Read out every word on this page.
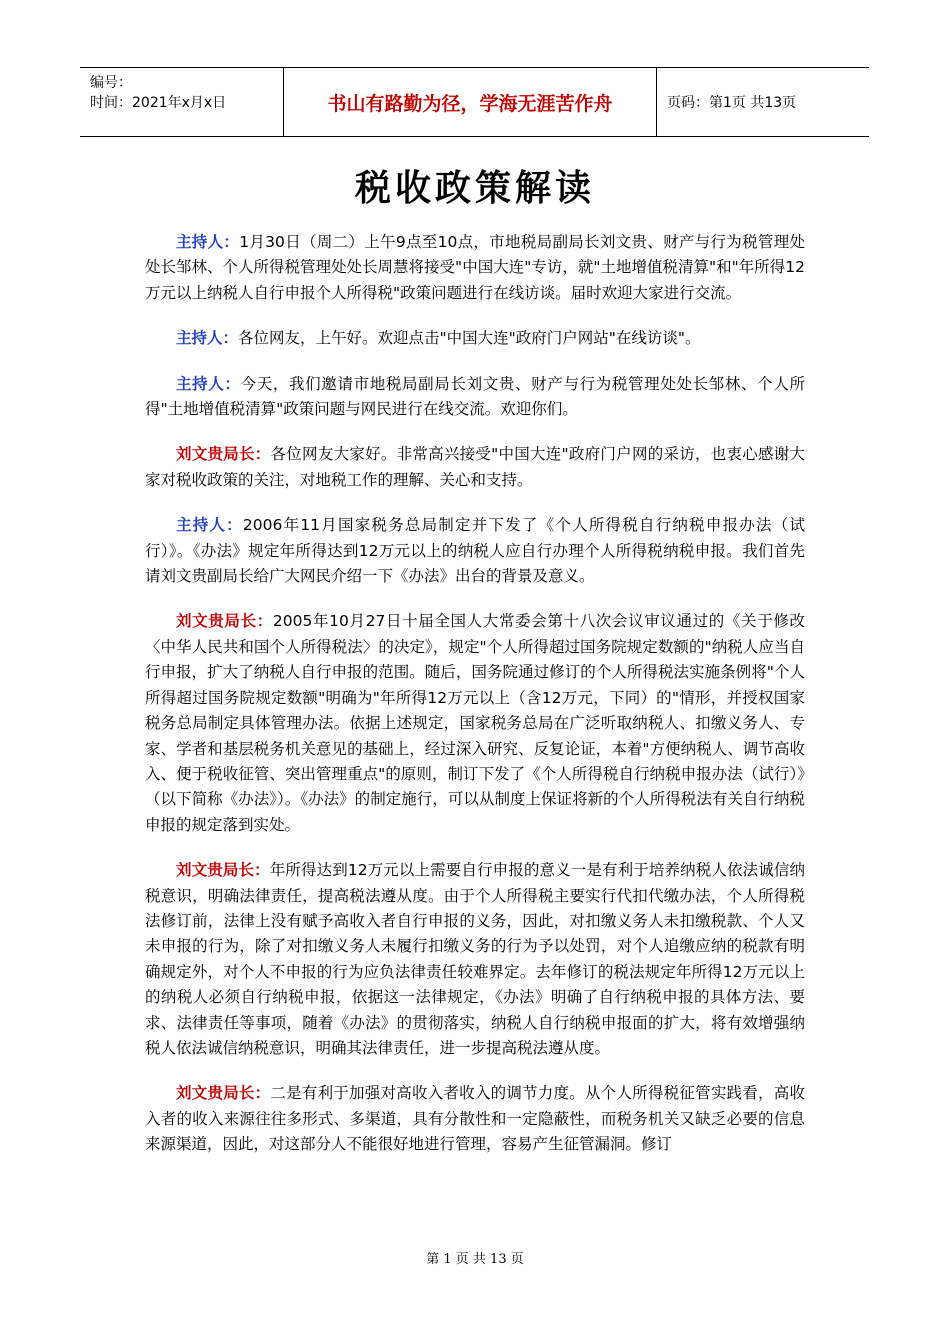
编号：
时间：2021年x月x日	书山有路勤为径，学海无涯苦作舟	页码：第1页 共13页
税收政策解读

主持人：1月30日（周二）上午9点至10点，市地税局副局长刘文贵、财产与行为税管理处处长邹林、个人所得税管理处处长周慧将接受"中国大连"专访，就"土地增值税清算"和"年所得12万元以上纳税人自行申报个人所得税"政策问题进行在线访谈。届时欢迎大家进行交流。

主持人：各位网友，上午好。欢迎点击"中国大连"政府门户网站"在线访谈"。

主持人：今天，我们邀请市地税局副局长刘文贵、财产与行为税管理处处长邹林、个人所得"土地增值税清算"政策问题与网民进行在线交流。欢迎你们。

刘文贵局长：各位网友大家好。非常高兴接受"中国大连"政府门户网的采访，也衷心感谢大家对税收政策的关注，对地税工作的理解、关心和支持。

主持人：2006年11月国家税务总局制定并下发了《个人所得税自行纳税申报办法（试行）》。《办法》规定年所得达到12万元以上的纳税人应自行办理个人所得税纳税申报。我们首先请刘文贵副局长给广大网民介绍一下《办法》出台的背景及意义。

刘文贵局长：2005年10月27日十届全国人大常委会第十八次会议审议通过的《关于修改〈中华人民共和国个人所得税法〉的决定》，规定"个人所得超过国务院规定数额的"纳税人应当自行申报，扩大了纳税人自行申报的范围。随后，国务院通过修订的个人所得税法实施条例将"个人所得超过国务院规定数额"明确为"年所得12万元以上（含12万元，下同）的"情形，并授权国家税务总局制定具体管理办法。依据上述规定，国家税务总局在广泛听取纳税人、扣缴义务人、专家、学者和基层税务机关意见的基础上，经过深入研究、反复论证，本着"方便纳税人、调节高收入、便于税收征管、突出管理重点"的原则，制订下发了《个人所得税自行纳税申报办法（试行）》（以下简称《办法》）。《办法》的制定施行，可以从制度上保证将新的个人所得税法有关自行纳税申报的规定落到实处。

刘文贵局长：年所得达到12万元以上需要自行申报的意义一是有利于培养纳税人依法诚信纳税意识，明确法律责任，提高税法遵从度。由于个人所得税主要实行代扣代缴办法，个人所得税法修订前，法律上没有赋予高收入者自行申报的义务，因此，对扣缴义务人未扣缴税款、个人又未申报的行为，除了对扣缴义务人未履行扣缴义务的行为予以处罚，对个人追缴应纳的税款有明确规定外，对个人不申报的行为应负法律责任较难界定。去年修订的税法规定年所得12万元以上的纳税人必须自行纳税申报，依据这一法律规定，《办法》明确了自行纳税申报的具体方法、要求、法律责任等事项，随着《办法》的贯彻落实，纳税人自行纳税申报面的扩大，将有效增强纳税人依法诚信纳税意识，明确其法律责任，进一步提高税法遵从度。

刘文贵局长：二是有利于加强对高收入者收入的调节力度。从个人所得税征管实践看，高收入者的收入来源往往多形式、多渠道，具有分散性和一定隐蔽性，而税务机关又缺乏必要的信息来源渠道，因此，对这部分人不能很好地进行管理，容易产生征管漏洞。修订

第 1 页 共 13 页
